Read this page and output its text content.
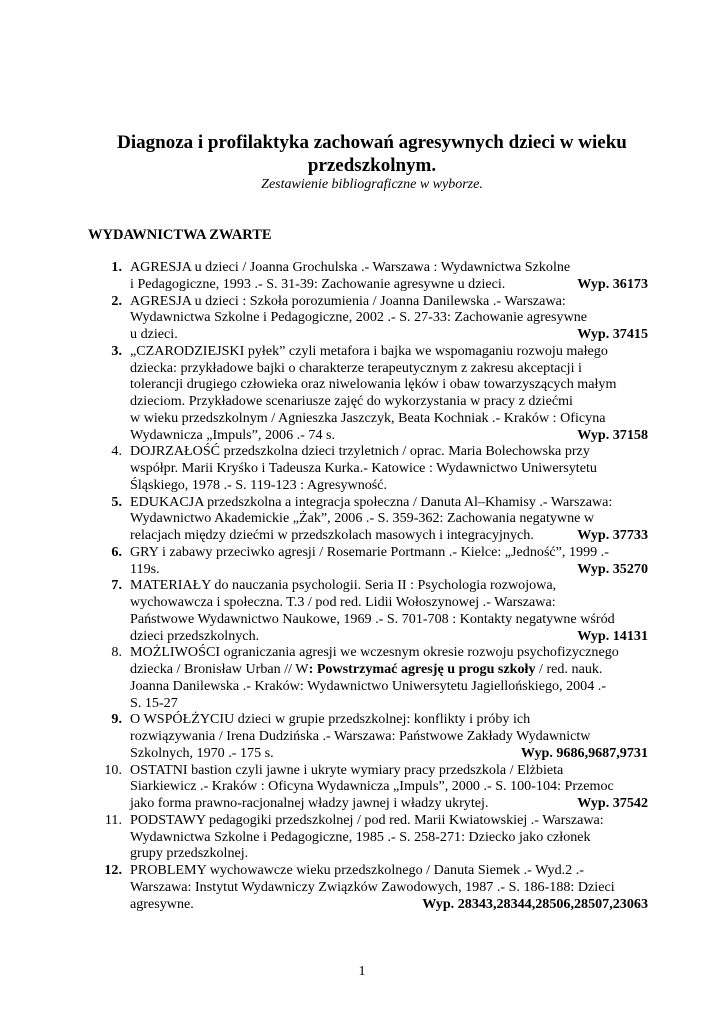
Diagnoza i profilaktyka zachowań agresywnych dzieci w wieku
przedszkolnym.
Zestawienie bibliograficzne w wyborze.
WYDAWNICTWA ZWARTE
1. AGRESJA u dzieci / Joanna Grochulska .- Warszawa : Wydawnictwa Szkolne
i Pedagogiczne, 1993 .- S. 31-39: Zachowanie agresywne u dzieci.	Wyp. 36173
2. AGRESJA u dzieci : Szkoła porozumienia / Joanna Danilewska .- Warszawa:
Wydawnictwa Szkolne i Pedagogiczne, 2002 .- S. 27-33: Zachowanie agresywne
u dzieci.	Wyp. 37415
3. „CZARODZIEJSKI pyłek” czyli metafora i bajka we wspomaganiu rozwoju małego
dziecka: przykładowe bajki o charakterze terapeutycznym z zakresu akceptacji i
tolerancji drugiego człowieka oraz niwelowania lęków i obaw towarzyszących małym
dzieciom. Przykładowe scenariusze zajęć do wykorzystania w pracy z dziećmi
w wieku przedszkolnym / Agnieszka Jaszczyk, Beata Kochniak .- Kraków : Oficyna
Wydawnicza „Impuls”, 2006 .- 74 s.	Wyp. 37158
4. DOJRZAŁOŚĆ przedszkolna dzieci trzyletnich / oprac. Maria Bolechowska przy
współpr. Marii Kryśko i Tadeusza Kurka.- Katowice : Wydawnictwo Uniwersytetu
Śląskiego, 1978 .- S. 119-123 : Agresywność.
5. EDUKACJA przedszkolna a integracja społeczna / Danuta Al–Khamisy .- Warszawa:
Wydawnictwo Akademickie „Żak”, 2006 .- S. 359-362: Zachowania negatywne w
relacjach między dziećmi w przedszkolach masowych i integracyjnych.	Wyp. 37733
6. GRY i zabawy przeciwko agresji / Rosemarie Portmann .- Kielce: „Jedność”, 1999 .-
119s.	Wyp. 35270
7. MATERIAŁY do nauczania psychologii. Seria II : Psychologia rozwojowa,
wychowawcza i społeczna. T.3 / pod red. Lidii Wołoszynowej .- Warszawa:
Państwowe Wydawnictwo Naukowe, 1969 .- S. 701-708 : Kontakty negatywne wśród
dzieci przedszkolnych.	Wyp. 14131
8. MOŻLIWOŚCI ograniczania agresji we wczesnym okresie rozwoju psychofizycznego
dziecka / Bronisław Urban // W: Powstrzymać agresję u progu szkoły / red. nauk.
Joanna Danilewska .- Kraków: Wydawnictwo Uniwersytetu Jagiellońskiego, 2004 .-
S. 15-27
9. O WSPÓŁŻYCIU dzieci w grupie przedszkolnej: konflikty i próby ich
rozwiązywania / Irena Dudzińska .- Warszawa: Państwowe Zakłady Wydawnictw
Szkolnych, 1970 .- 175 s.	Wyp. 9686,9687,9731
10. OSTATNI bastion czyli jawne i ukryte wymiary pracy przedszkola / Elżbieta
Siarkiewicz .- Kraków : Oficyna Wydawnicza „Impuls”, 2000 .- S. 100-104: Przemoc
jako forma prawno-racjonalnej władzy jawnej i władzy ukrytej.	Wyp. 37542
11. PODSTAWY pedagogiki przedszkolnej / pod red. Marii Kwiatowskiej .- Warszawa:
Wydawnictwa Szkolne i Pedagogiczne, 1985 .- S. 258-271: Dziecko jako członek
grupy przedszkolnej.
12. PROBLEMY wychowawcze wieku przedszkolnego / Danuta Siemek .- Wyd.2 .-
Warszawa: Instytut Wydawniczy Związków Zawodowych, 1987 .- S. 186-188: Dzieci
agresywne.	Wyp. 28343,28344,28506,28507,23063
1
